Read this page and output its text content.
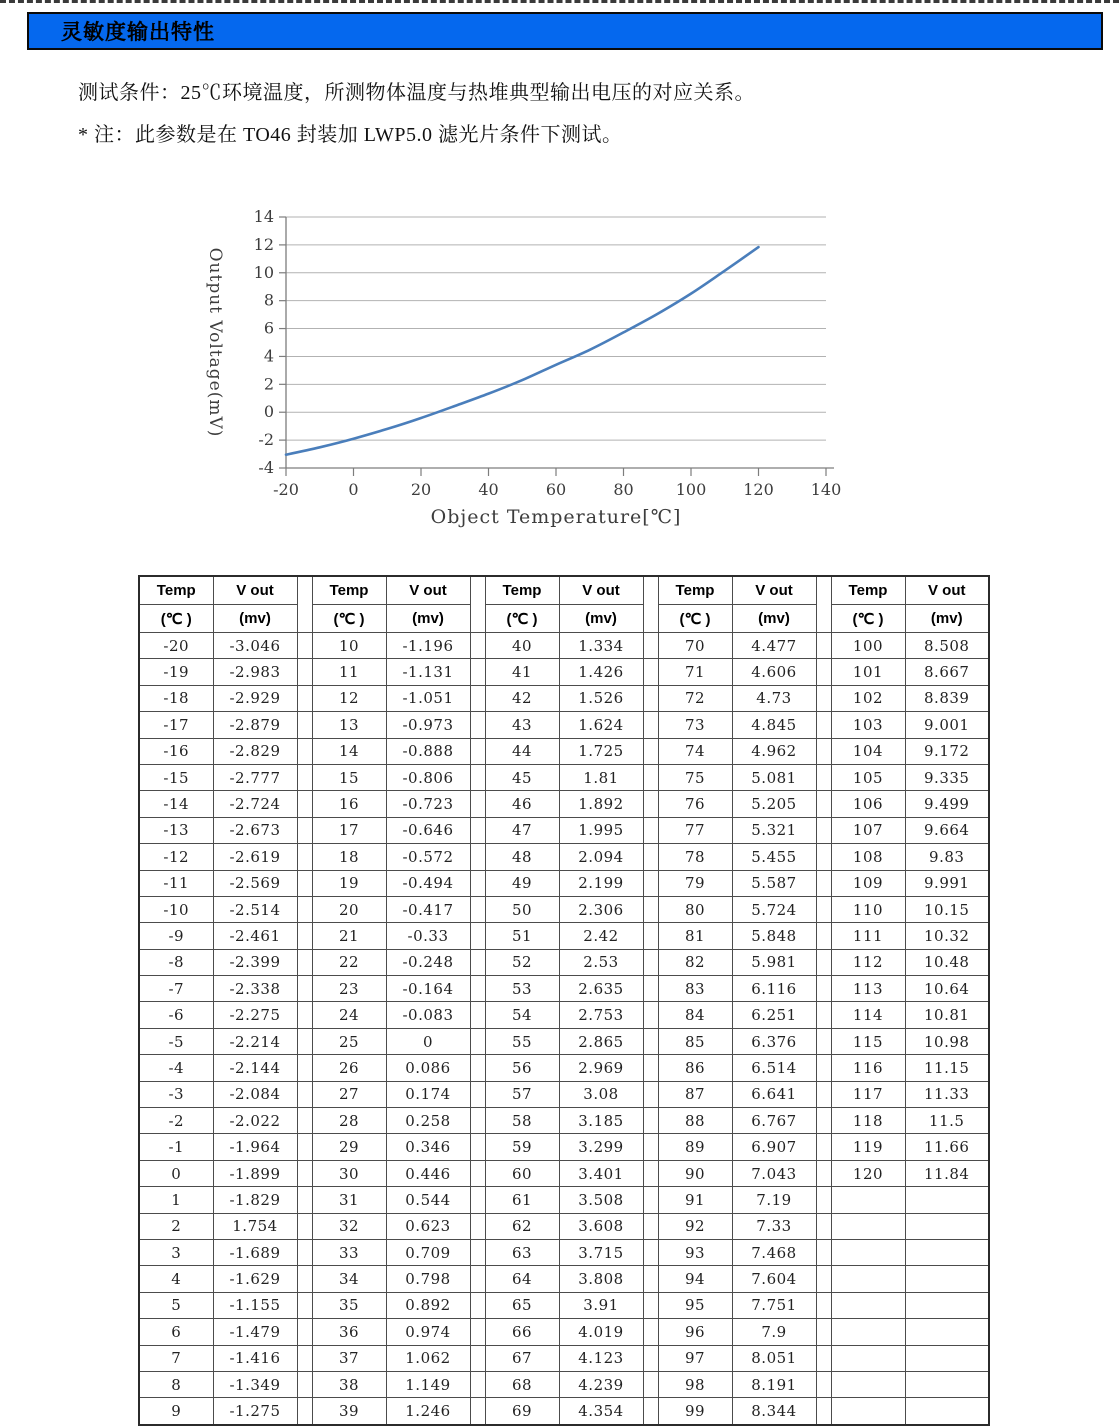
灵敏度输出特性
测试条件：25℃环境温度，所测物体温度与热堆典型输出电压的对应关系。
* 注：此参数是在 TO46 封装加 LWP5.0 滤光片条件下测试。
-4
-2
0
2
4
6
8
10
12
14
-20	0	20	40	60	80	100 120 140
Object Temperature[℃]
Output Voltage(mV)
Temp	V out		Temp	V out		Temp	V out		Temp	V out		Temp	V out
(℃ )	(mv)		(℃ )	(mv)		(℃ )	(mv)		(℃ )	(mv)		(℃ )	(mv)
-20	-3.046		10	-1.196		40	1.334		70	4.477		100	8.508
-19	-2.983		11	-1.131		41	1.426		71	4.606		101	8.667
-18	-2.929		12	-1.051		42	1.526		72	4.73		102	8.839
-17	-2.879		13	-0.973		43	1.624		73	4.845		103	9.001
-16	-2.829		14	-0.888		44	1.725		74	4.962		104	9.172
-15	-2.777		15	-0.806		45	1.81		75	5.081		105	9.335
-14	-2.724		16	-0.723		46	1.892		76	5.205		106	9.499
-13	-2.673		17	-0.646		47	1.995		77	5.321		107	9.664
-12	-2.619		18	-0.572		48	2.094		78	5.455		108	9.83
-11	-2.569		19	-0.494		49	2.199		79	5.587		109	9.991
-10	-2.514		20	-0.417		50	2.306		80	5.724		110	10.15
-9	-2.461		21	-0.33		51	2.42		81	5.848		111	10.32
-8	-2.399		22	-0.248		52	2.53		82	5.981		112	10.48
-7	-2.338		23	-0.164		53	2.635		83	6.116		113	10.64
-6	-2.275		24	-0.083		54	2.753		84	6.251		114	10.81
-5	-2.214		25	0		55	2.865		85	6.376		115	10.98
-4	-2.144		26	0.086		56	2.969		86	6.514		116	11.15
-3	-2.084		27	0.174		57	3.08		87	6.641		117	11.33
-2	-2.022		28	0.258		58	3.185		88	6.767		118	11.5
-1	-1.964		29	0.346		59	3.299		89	6.907		119	11.66
0	-1.899		30	0.446		60	3.401		90	7.043		120	11.84
1	-1.829		31	0.544		61	3.508		91	7.19			
2	1.754		32	0.623		62	3.608		92	7.33			
3	-1.689		33	0.709		63	3.715		93	7.468			
4	-1.629		34	0.798		64	3.808		94	7.604			
5	-1.155		35	0.892		65	3.91		95	7.751			
6	-1.479		36	0.974		66	4.019		96	7.9			
7	-1.416		37	1.062		67	4.123		97	8.051			
8	-1.349		38	1.149		68	4.239		98	8.191			
9	-1.275		39	1.246		69	4.354		99	8.344			
